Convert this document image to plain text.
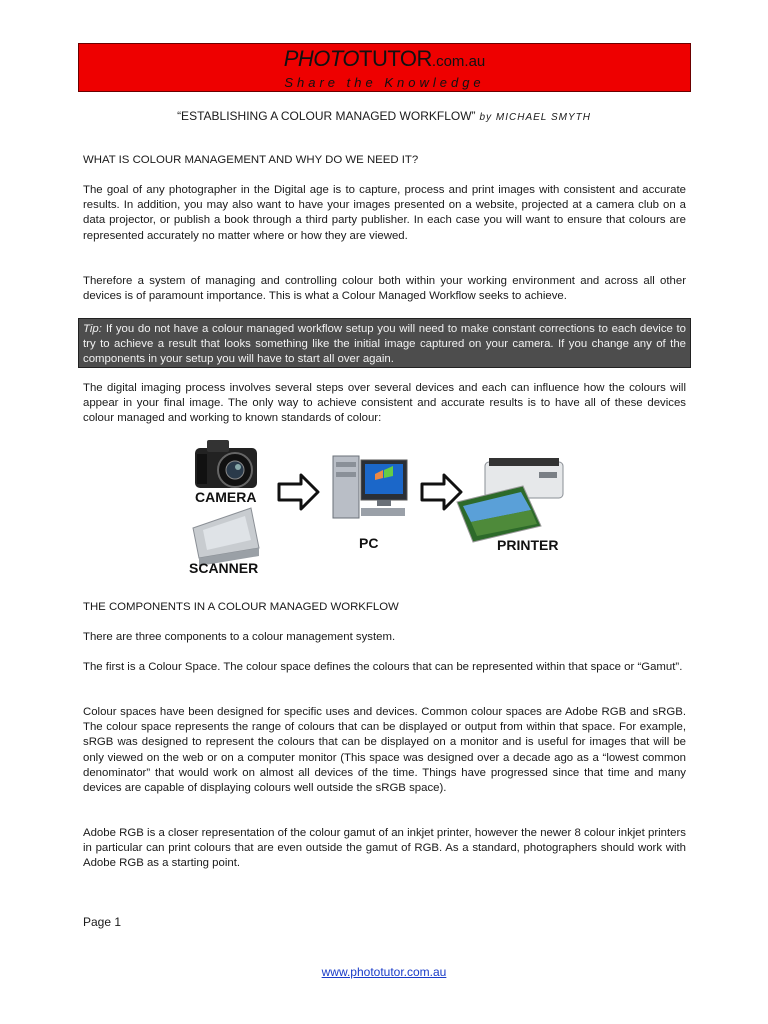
PHOTOTUTOR.com.au
Share the Knowledge
“ESTABLISHING A COLOUR MANAGED WORKFLOW” by MICHAEL SMYTH

WHAT IS COLOUR MANAGEMENT AND WHY DO WE NEED IT?

The goal of any photographer in the Digital age is to capture, process and print images with consistent and accurate results. In addition, you may also want to have your images presented on a website, projected at a camera club on a data projector, or publish a book through a third party publisher. In each case you will want to ensure that colours are represented accurately no matter where or how they are viewed.

Therefore a system of managing and controlling colour both within your working environment and across all other devices is of paramount importance. This is what a Colour Managed Workflow seeks to achieve.

Tip: If you do not have a colour managed workflow setup you will need to make constant corrections to each device to try to achieve a result that looks something like the initial image captured on your camera. If you change any of the components in your setup you will have to start all over again.

The digital imaging process involves several steps over several devices and each can influence how the colours will appear in your final image. The only way to achieve consistent and accurate results is to have all of these devices colour managed and working to known standards of colour:

CAMERA
SCANNER
PC	PRINTER

THE COMPONENTS IN A COLOUR MANAGED WORKFLOW

There are three components to a colour management system.

The first is a Colour Space. The colour space defines the colours that can be represented within that space or “Gamut”.

Colour spaces have been designed for specific uses and devices. Common colour spaces are Adobe RGB and sRGB. The colour space represents the range of colours that can be displayed or output from within that space. For example, sRGB was designed to represent the colours that can be displayed on a monitor and is useful for images that will be only viewed on the web or on a computer monitor (This space was designed over a decade ago as a “lowest common denominator” that would work on almost all devices of the time. Things have progressed since that time and many devices are capable of displaying colours well outside the sRGB space).

Adobe RGB is a closer representation of the colour gamut of an inkjet printer, however the newer 8 colour inkjet printers in particular can print colours that are even outside the gamut of RGB. As a standard, photographers should work with Adobe RGB as a starting point.

Page 1
www.phototutor.com.au
